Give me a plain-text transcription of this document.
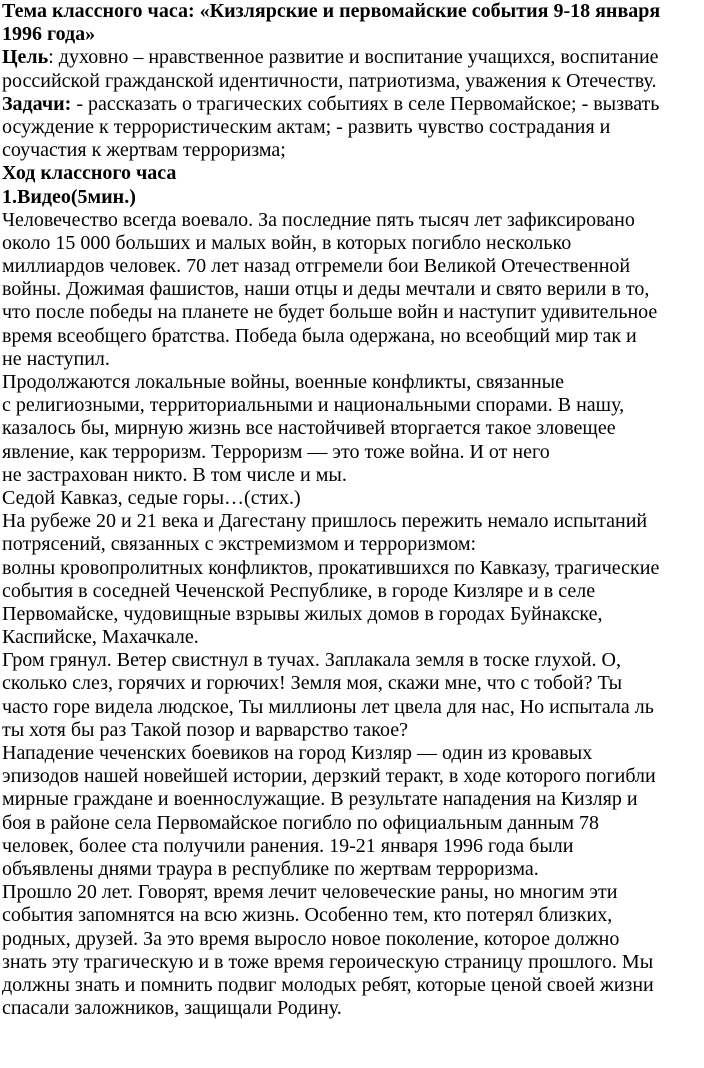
Тема классного часа: «Кизлярские и первомайские события 9-18 января
1996 года»
Цель: духовно – нравственное развитие и воспитание учащихся, воспитание
российской гражданской идентичности, патриотизма, уважения к Отечеству.
Задачи: - рассказать о трагических событиях в селе Первомайское; - вызвать
осуждение к террористическим актам; - развить чувство сострадания и
соучастия к жертвам терроризма;
Ход классного часа
1.Видео(5мин.)
Человечество всегда воевало. За последние пять тысяч лет зафиксировано
около 15 000 больших и малых войн, в которых погибло несколько
миллиардов человек. 70 лет назад отгремели бои Великой Отечественной
войны. Дожимая фашистов, наши отцы и деды мечтали и свято верили в то,
что после победы на планете не будет больше войн и наступит удивительное
время всеобщего братства. Победа была одержана, но всеобщий мир так и
не наступил.
Продолжаются локальные войны, военные конфликты, связанные
с религиозными, территориальными и национальными спорами. В нашу,
казалось бы, мирную жизнь все настойчивей вторгается такое зловещее
явление, как терроризм. Терроризм — это тоже война. И от него
не застрахован никто. В том числе и мы.
Седой Кавказ, седые горы…(стих.)
На рубеже 20 и 21 века и Дагестану пришлось пережить немало испытаний
потрясений, связанных с экстремизмом и терроризмом:
волны кровопролитных конфликтов, прокатившихся по Кавказу, трагические
события в соседней Чеченской Республике, в городе Кизляре и в селе
Первомайске, чудовищные взрывы жилых домов в городах Буйнакске,
Каспийске, Махачкале.
Гром грянул. Ветер свистнул в тучах. Заплакала земля в тоске глухой. О,
сколько слез, горячих и горючих! Земля моя, скажи мне, что с тобой? Ты
часто горе видела людское, Ты миллионы лет цвела для нас, Но испытала ль
ты хотя бы раз Такой позор и варварство такое?
Нападение чеченских боевиков на город Кизляр — один из кровавых
эпизодов нашей новейшей истории, дерзкий теракт, в ходе которого погибли
мирные граждане и военнослужащие. В результате нападения на Кизляр и
боя в районе села Первомайское погибло по официальным данным 78
человек, более ста получили ранения. 19-21 января 1996 года были
объявлены днями траура в республике по жертвам терроризма.
Прошло 20 лет. Говорят, время лечит человеческие раны, но многим эти
события запомнятся на всю жизнь. Особенно тем, кто потерял близких,
родных, друзей. За это время выросло новое поколение, которое должно
знать эту трагическую и в тоже время героическую страницу прошлого. Мы
должны знать и помнить подвиг молодых ребят, которые ценой своей жизни
спасали заложников, защищали Родину.
